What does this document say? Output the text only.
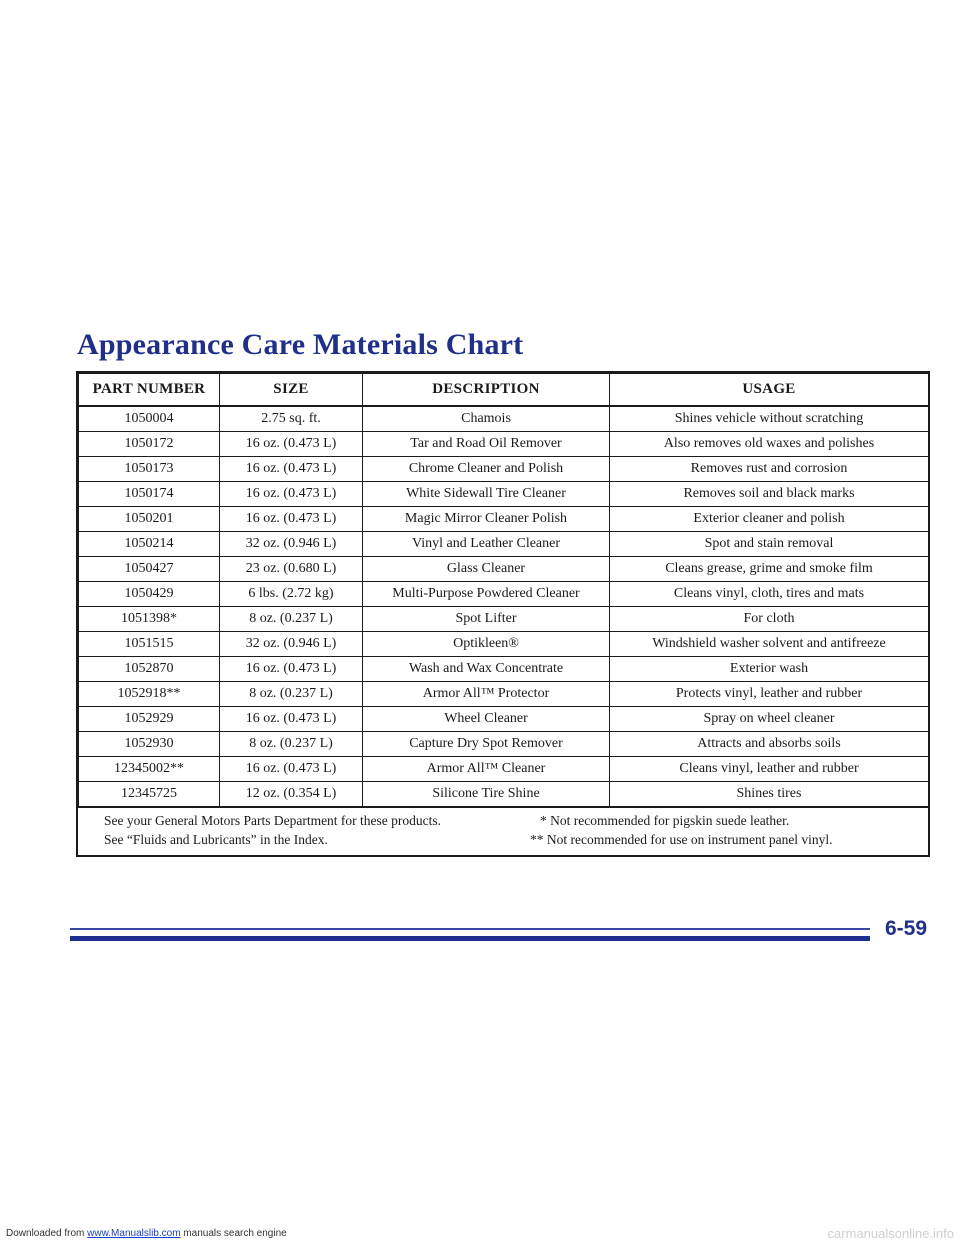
Appearance Care Materials Chart
PART NUMBER	SIZE	DESCRIPTION	USAGE
1050004	2.75 sq. ft.	Chamois	Shines vehicle without scratching
1050172	16 oz. (0.473 L)	Tar and Road Oil Remover	Also removes old waxes and polishes
1050173	16 oz. (0.473 L)	Chrome Cleaner and Polish	Removes rust and corrosion
1050174	16 oz. (0.473 L)	White Sidewall Tire Cleaner	Removes soil and black marks
1050201	16 oz. (0.473 L)	Magic Mirror Cleaner Polish	Exterior cleaner and polish
1050214	32 oz. (0.946 L)	Vinyl and Leather Cleaner	Spot and stain removal
1050427	23 oz. (0.680 L)	Glass Cleaner	Cleans grease, grime and smoke film
1050429	6 lbs. (2.72 kg)	Multi-Purpose Powdered Cleaner	Cleans vinyl, cloth, tires and mats
1051398*	8 oz. (0.237 L)	Spot Lifter	For cloth
1051515	32 oz. (0.946 L)	Optikleen®	Windshield washer solvent and antifreeze
1052870	16 oz. (0.473 L)	Wash and Wax Concentrate	Exterior wash
1052918**	8 oz. (0.237 L)	Armor All™ Protector	Protects vinyl, leather and rubber
1052929	16 oz. (0.473 L)	Wheel Cleaner	Spray on wheel cleaner
1052930	8 oz. (0.237 L)	Capture Dry Spot Remover	Attracts and absorbs soils
12345002**	16 oz. (0.473 L)	Armor All™ Cleaner	Cleans vinyl, leather and rubber
12345725	12 oz. (0.354 L)	Silicone Tire Shine	Shines tires
See your General Motors Parts Department for these products.
See “Fluids and Lubricants” in the Index.
* Not recommended for pigskin suede leather.
** Not recommended for use on instrument panel vinyl.
6-59
Downloaded from www.Manualslib.com manuals search engine	carmanualsonline.info
